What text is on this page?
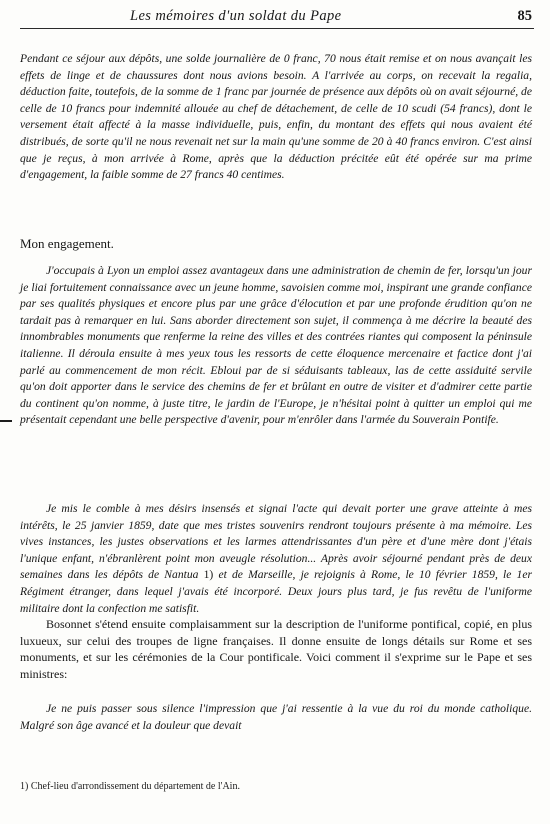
Les mémoires d'un soldat du Pape	85

Pendant ce séjour aux dépôts, une solde journalière de 0 franc, 70 nous était remise et on nous avançait les effets de linge et de chaussures dont nous avions besoin. A l'arrivée au corps, on recevait la regalia, déduction faite, toutefois, de la somme de 1 franc par journée de présence aux dépôts où on avait séjourné, de celle de 10 francs pour indemnité allouée au chef de détachement, de celle de 10 scudi (54 francs), dont le versement était affecté à la masse individuelle, puis, enfin, du montant des effets qui nous avaient été distribués, de sorte qu'il ne nous revenait net sur la main qu'une somme de 20 à 40 francs environ. C'est ainsi que je reçus, à mon arrivée à Rome, après que la déduction précitée eût été opérée sur ma prime d'engagement, la faible somme de 27 francs 40 centimes.

Mon engagement.

J'occupais à Lyon un emploi assez avantageux dans une administration de chemin de fer, lorsqu'un jour je liai fortuitement connaissance avec un jeune homme, savoisien comme moi, inspirant une grande confiance par ses qualités physiques et encore plus par une grâce d'élocution et par une profonde érudition qu'on ne tardait pas à remarquer en lui. Sans aborder directement son sujet, il commença à me décrire la beauté des innombrables monuments que renferme la reine des villes et des contrées riantes qui composent la péninsule italienne. Il déroula ensuite à mes yeux tous les ressorts de cette éloquence mercenaire et factice dont j'ai parlé au commencement de mon récit. Ebloui par de si séduisants tableaux, las de cette assiduité servile qu'on doit apporter dans le service des chemins de fer et brûlant en outre de visiter et d'admirer cette partie du continent qu'on nomme, à juste titre, le jardin de l'Europe, je n'hésitai point à quitter un emploi qui me présentait cependant une belle perspective d'avenir, pour m'enrôler dans l'armée du Souverain Pontife.

Je mis le comble à mes désirs insensés et signai l'acte qui devait porter une grave atteinte à mes intérêts, le 25 janvier 1859, date que mes tristes souvenirs rendront toujours présente à ma mémoire. Les vives instances, les justes observations et les larmes attendrissantes d'un père et d'une mère dont j'étais l'unique enfant, n'ébranlèrent point mon aveugle résolution... Après avoir séjourné pendant près de deux semaines dans les dépôts de Nantua 1) et de Marseille, je rejoignis à Rome, le 10 février 1859, le 1er Régiment étranger, dans lequel j'avais été incorporé. Deux jours plus tard, je fus revêtu de l'uniforme militaire dont la confection me satisfit.

Bosonnet s'étend ensuite complaisamment sur la description de l'uniforme pontifical, copié, en plus luxueux, sur celui des troupes de ligne françaises. Il donne ensuite de longs détails sur Rome et ses monuments, et sur les cérémonies de la Cour pontificale. Voici comment il s'exprime sur le Pape et ses ministres:

Je ne puis passer sous silence l'impression que j'ai ressentie à la vue du roi du monde catholique. Malgré son âge avancé et la douleur que devait

1) Chef-lieu d'arrondissement du département de l'Ain.
